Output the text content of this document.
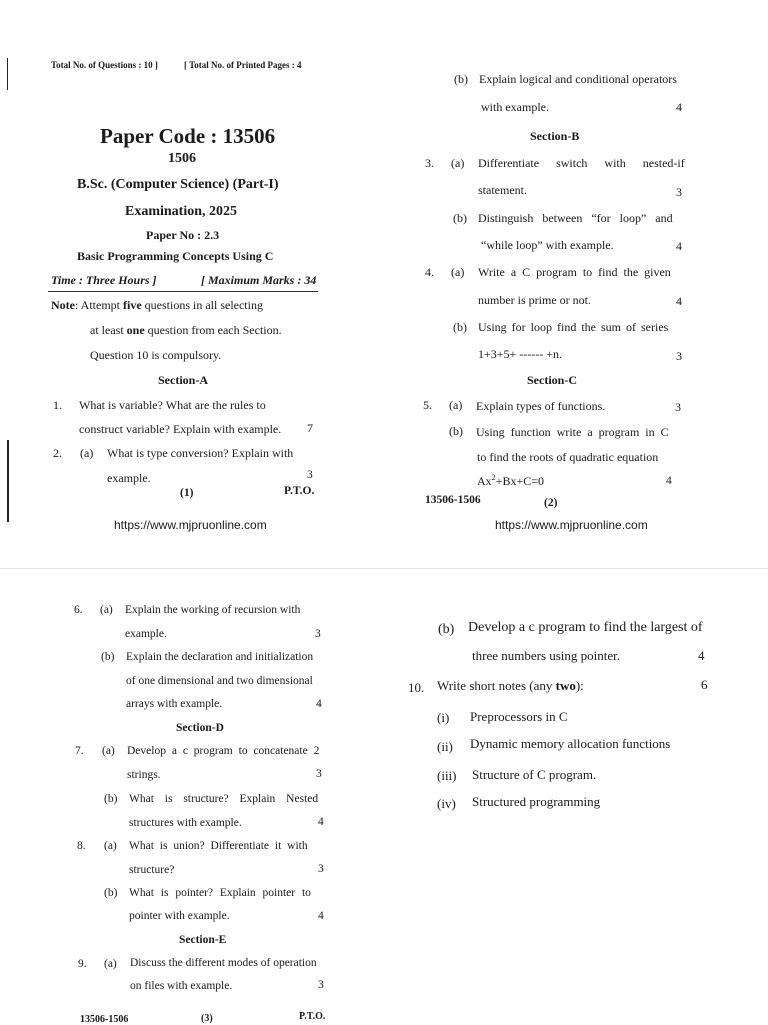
Total No. of Questions : 10 ]	[ Total No. of Printed Pages : 4
Paper Code : 13506
1506
B.Sc. (Computer Science) (Part-I)
Examination, 2025
Paper No : 2.3
Basic Programming Concepts Using C
Time : Three Hours ]	[ Maximum Marks : 34
Note: Attempt five questions in all selecting
at least one question from each Section.
Question 10 is compulsory.
Section-A
1. What is variable? What are the rules to
construct variable? Explain with example. 7
2. (a) What is type conversion? Explain with
example.	3
(1)	P.T.O.
https://www.mjpruonline.com
(b) Explain logical and conditional operators
with example.	4
Section-B
3. (a) Differentiate switch with nested-if
statement.	3
(b) Distinguish between “for loop” and
“while loop” with example.	4
4. (a) Write a C program to find the given
number is prime or not.	4
(b) Using for loop find the sum of series
1+3+5+ ------ +n.	3
Section-C
5. (a) Explain types of functions.	3
(b) Using function write a program in C
to find the roots of quadratic equation
$Ax^2+Bx+C=0$	4
13506-1506	(2)
https://www.mjpruonline.com
6. (a) Explain the working of recursion with
example.	3
(b) Explain the declaration and initialization
of one dimensional and two dimensional
arrays with example.	4
Section-D
7. (a) Develop a c program to concatenate 2
strings.	3
(b) What is structure? Explain Nested
structures with example.	4
8. (a) What is union? Differentiate it with
structure?	3
(b) What is pointer? Explain pointer to
pointer with example.	4
Section-E
9. (a) Discuss the different modes of operation
on files with example.	3
13506-1506	(3)	P.T.O.
(b) Develop a c program to find the largest of
three numbers using pointer.	4
10. Write short notes (any two):	6
(i) Preprocessors in C
(ii) Dynamic memory allocation functions
(iii) Structure of C program.
(iv) Structured programming
